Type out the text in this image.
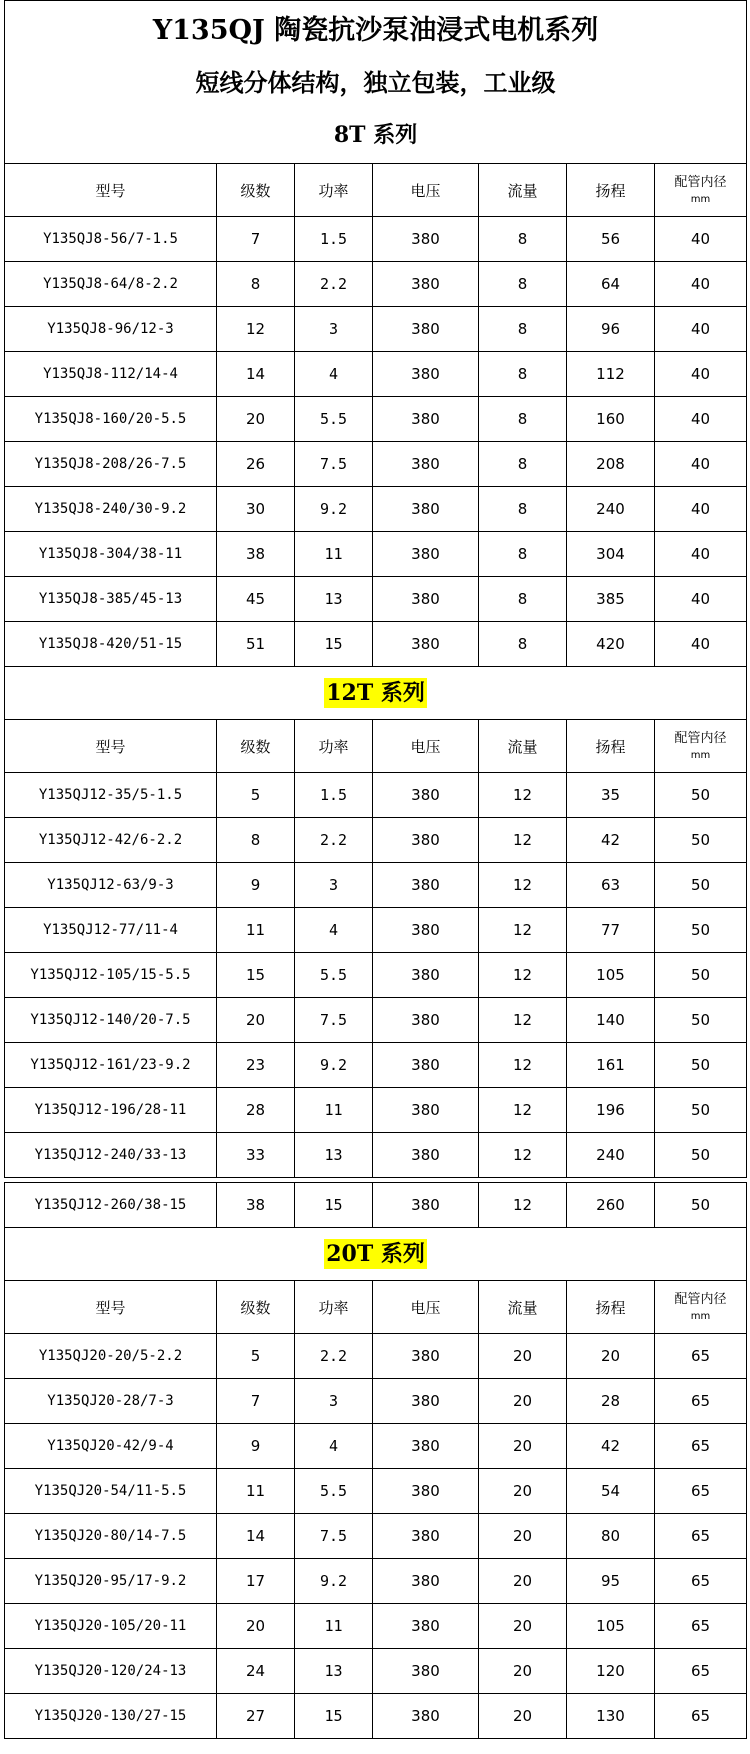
Y135QJ 陶瓷抗沙泵油浸式电机系列
短线分体结构，独立包装，工业级
8T 系列						

型号	级数	功率	电压	流量	扬程	配管内径
mm

Y135QJ8-56/7-1.5	7	1.5	380	8	56	40
Y135QJ8-64/8-2.2	8	2.2	380	8	64	40
Y135QJ8-96/12-3	12	3	380	8	96	40
Y135QJ8-112/14-4	14	4	380	8	112	40
Y135QJ8-160/20-5.5	20	5.5	380	8	160	40
Y135QJ8-208/26-7.5	26	7.5	380	8	208	40
Y135QJ8-240/30-9.2	30	9.2	380	8	240	40
Y135QJ8-304/38-11	38	11	380	8	304	40
Y135QJ8-385/45-13	45	13	380	8	385	40
Y135QJ8-420/51-15	51	15	380	8	420	40
12T 系列						
型号	级数	功率	电压	流量	扬程	配管内径
mm

Y135QJ12-35/5-1.5	5	1.5	380	12	35	50
Y135QJ12-42/6-2.2	8	2.2	380	12	42	50
Y135QJ12-63/9-3	9	3	380	12	63	50
Y135QJ12-77/11-4	11	4	380	12	77	50
Y135QJ12-105/15-5.5	15	5.5	380	12	105	50
Y135QJ12-140/20-7.5	20	7.5	380	12	140	50
Y135QJ12-161/23-9.2	23	9.2	380	12	161	50
Y135QJ12-196/28-11	28	11	380	12	196	50
Y135QJ12-240/33-13	33	13	380	12	240	50

Y135QJ12-260/38-15	38	15	380	12	260	50
20T 系列						
型号	级数	功率	电压	流量	扬程	配管内径
mm

Y135QJ20-20/5-2.2	5	2.2	380	20	20	65
Y135QJ20-28/7-3	7	3	380	20	28	65
Y135QJ20-42/9-4	9	4	380	20	42	65
Y135QJ20-54/11-5.5	11	5.5	380	20	54	65
Y135QJ20-80/14-7.5	14	7.5	380	20	80	65
Y135QJ20-95/17-9.2	17	9.2	380	20	95	65
Y135QJ20-105/20-11	20	11	380	20	105	65
Y135QJ20-120/24-13	24	13	380	20	120	65
Y135QJ20-130/27-15	27	15	380	20	130	65
